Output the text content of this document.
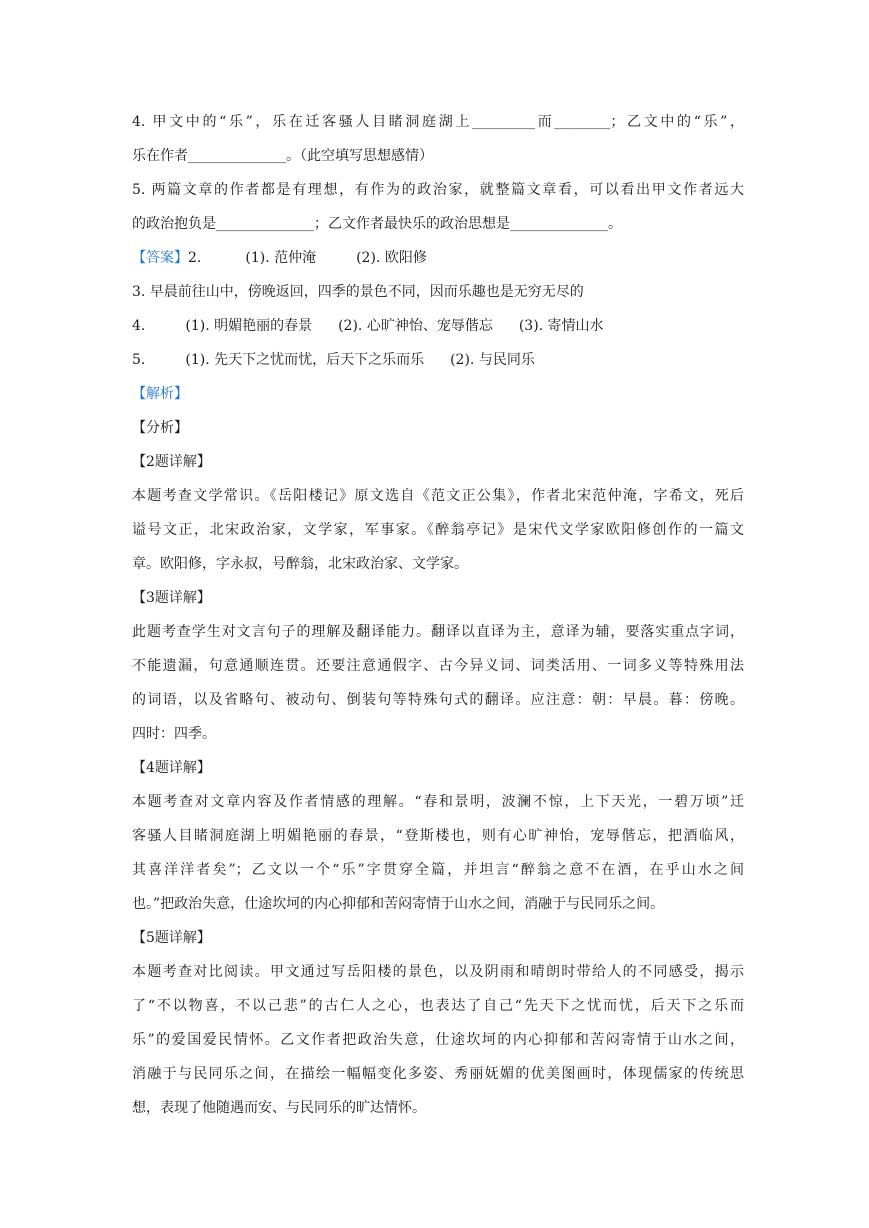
4. 甲文中的“乐”，乐在迁客骚人目睹洞庭湖上_________而________；乙文中的“乐”，
乐在作者______________。（此空填写思想感情）
5. 两篇文章的作者都是有理想，有作为的政治家，就整篇文章看，可以看出甲文作者远大
的政治抱负是______________；乙文作者最快乐的政治思想是______________。
【答案】2.	(1). 范仲淹	(2). 欧阳修
3. 早晨前往山中，傍晚返回，四季的景色不同，因而乐趣也是无穷无尽的
4.	(1). 明媚艳丽的春景 (2). 心旷神怡、宠辱偕忘 (3). 寄情山水
5.	(1). 先天下之忧而忧，后天下之乐而乐 (2). 与民同乐
【解析】
【分析】
【2题详解】
本题考查文学常识。《岳阳楼记》原文选自《范文正公集》，作者北宋范仲淹，字希文，死后
谥号文正，北宋政治家，文学家，军事家。《醉翁亭记》是宋代文学家欧阳修创作的一篇文
章。欧阳修，字永叔，号醉翁，北宋政治家、文学家。
【3题详解】
此题考查学生对文言句子的理解及翻译能力。翻译以直译为主，意译为辅，要落实重点字词，
不能遗漏，句意通顺连贯。还要注意通假字、古今异义词、词类活用、一词多义等特殊用法
的词语，以及省略句、被动句、倒装句等特殊句式的翻译。应注意：朝：早晨。暮：傍晚。
四时：四季。
【4题详解】
本题考查对文章内容及作者情感的理解。“春和景明，波澜不惊，上下天光，一碧万顷”迁
客骚人目睹洞庭湖上明媚艳丽的春景，“登斯楼也，则有心旷神怡，宠辱偕忘，把酒临风，
其喜洋洋者矣”；乙文以一个“乐”字贯穿全篇，并坦言“醉翁之意不在酒，在乎山水之间
也。”把政治失意，仕途坎坷的内心抑郁和苦闷寄情于山水之间，消融于与民同乐之间。
【5题详解】
本题考查对比阅读。甲文通过写岳阳楼的景色，以及阴雨和晴朗时带给人的不同感受，揭示
了“不以物喜，不以己悲”的古仁人之心，也表达了自己“先天下之忧而忧，后天下之乐而
乐”的爱国爱民情怀。乙文作者把政治失意，仕途坎坷的内心抑郁和苦闷寄情于山水之间，
消融于与民同乐之间，在描绘一幅幅变化多姿、秀丽妩媚的优美图画时，体现儒家的传统思
想，表现了他随遇而安、与民同乐的旷达情怀。
